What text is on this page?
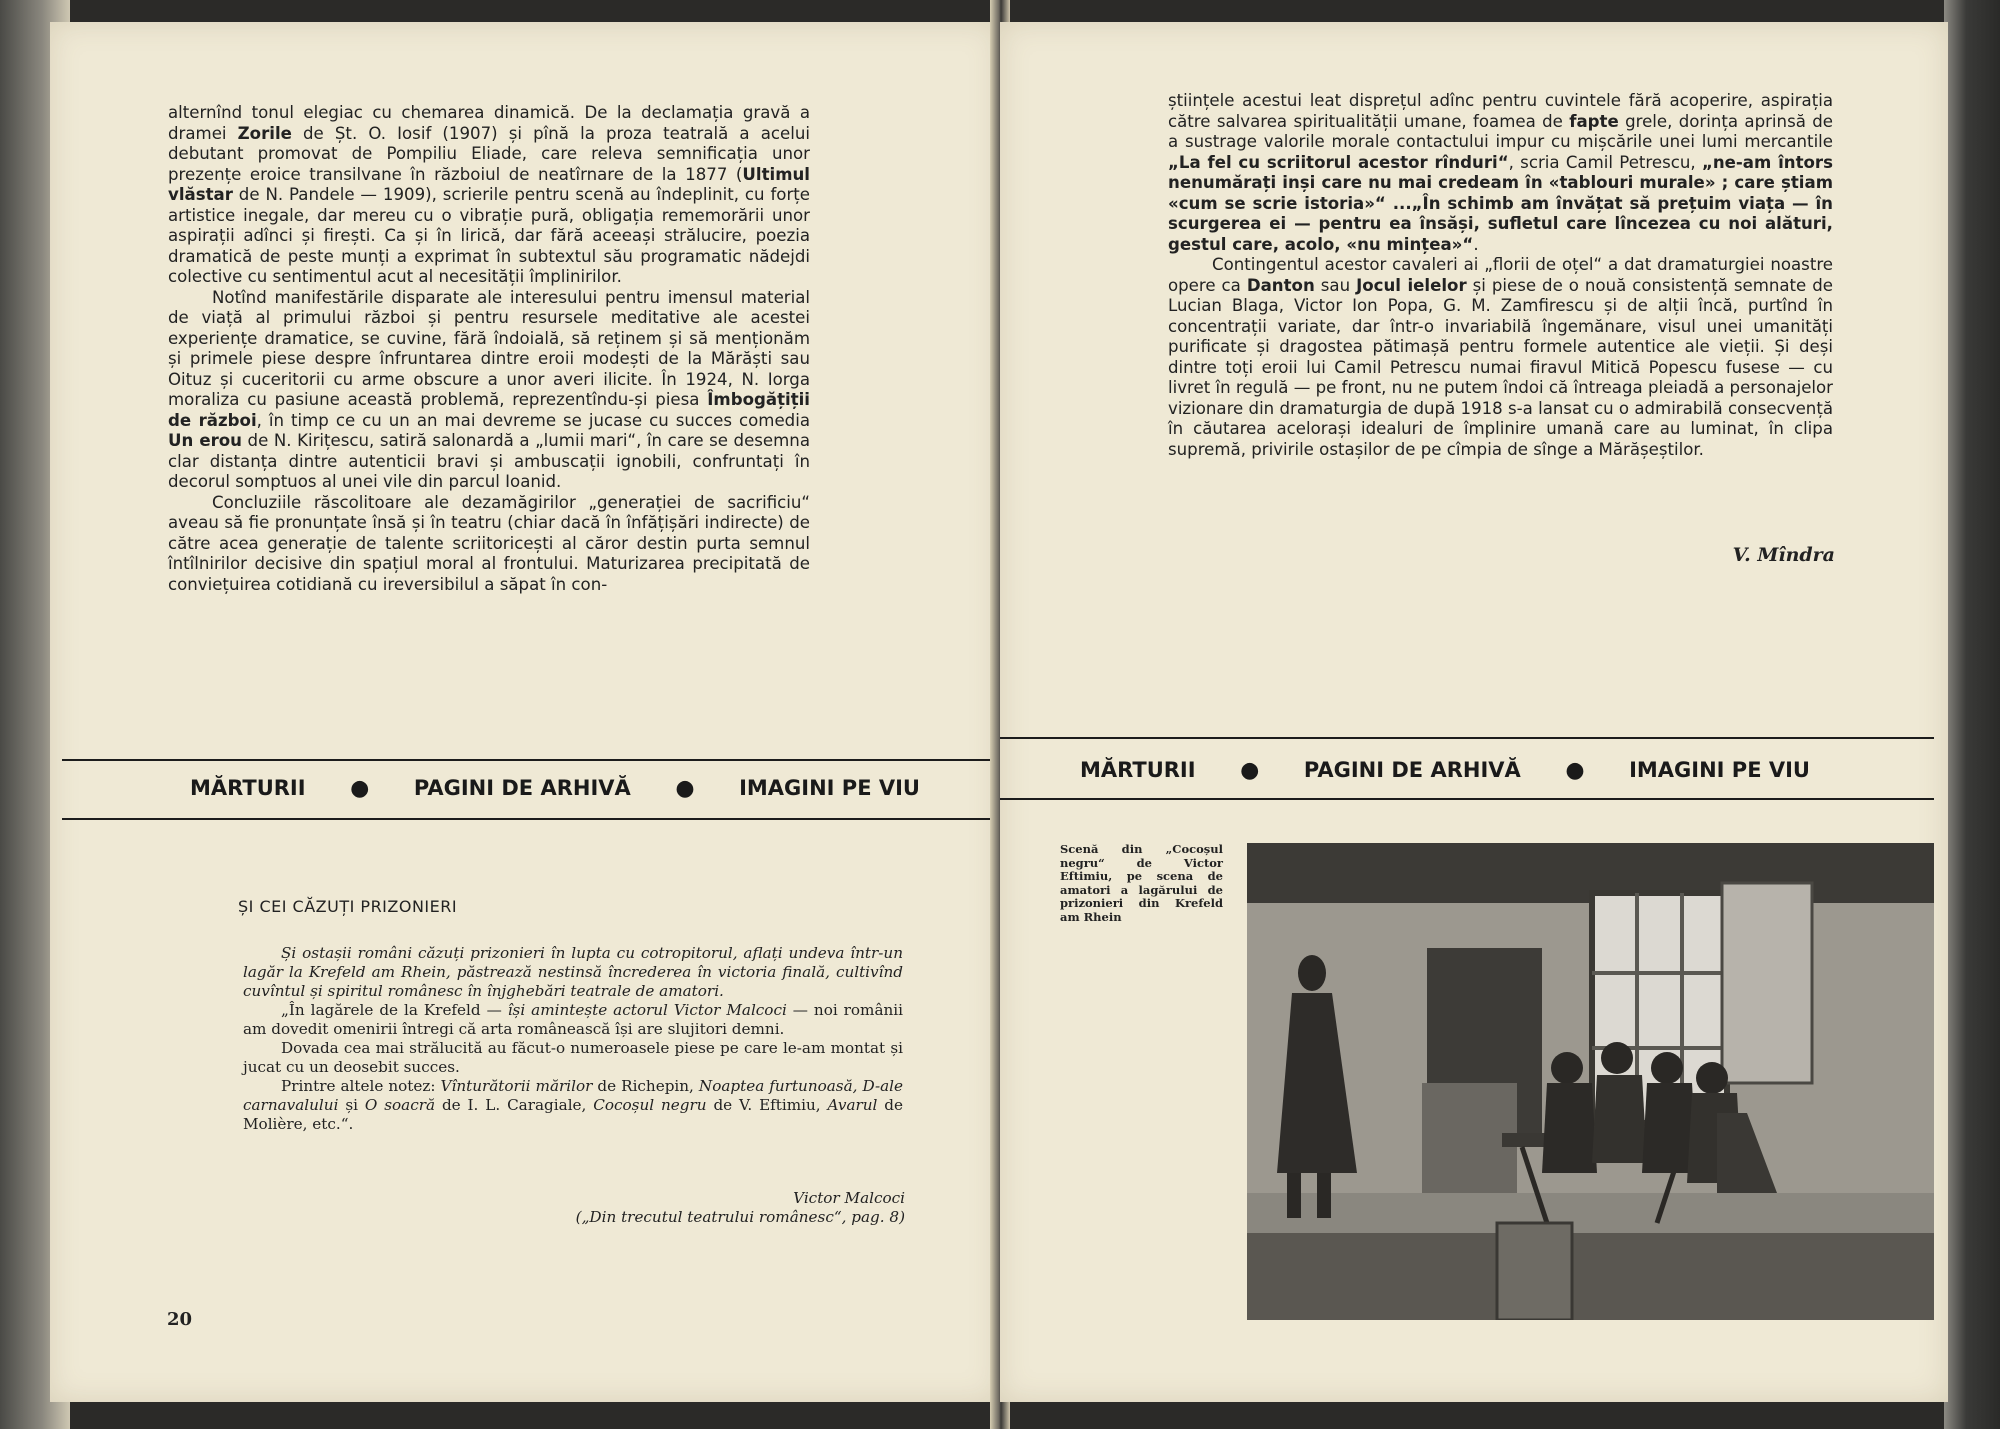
alternînd tonul elegiac cu chemarea dinamică. De la declamația gravă a dramei Zorile de Șt. O. Iosif (1907) și pînă la proza teatrală a acelui debutant promovat de Pompiliu Eliade, care releva semnificația unor prezențe eroice transilvane în războiul de neatîrnare de la 1877 (Ultimul vlăstar de N. Pandele — 1909), scrierile pentru scenă au îndeplinit, cu forțe artistice inegale, dar mereu cu o vibrație pură, obligația rememorării unor aspirații adînci și firești. Ca și în lirică, dar fără aceeași strălucire, poezia dramatică de peste munți a exprimat în subtextul său programatic nădejdi colective cu sentimentul acut al necesității împlinirilor.

Notînd manifestările disparate ale interesului pentru imensul material de viață al primului război și pentru resursele meditative ale acestei experiențe dramatice, se cuvine, fără îndoială, să reținem și să menționăm și primele piese despre înfruntarea dintre eroii modești de la Mărăști sau Oituz și cuceritorii cu arme obscure a unor averi ilicite. În 1924, N. Iorga moraliza cu pasiune această problemă, reprezentîndu-și piesa Îmbogățiții de război, în timp ce cu un an mai devreme se jucase cu succes comedia Un erou de N. Kirițescu, satiră salonardă a „lumii mari“, în care se desemna clar distanța dintre autenticii bravi și ambuscații ignobili, confruntați în decorul somptuos al unei vile din parcul Ioanid.

Concluziile răscolitoare ale dezamăgirilor „generației de sacrificiu“ aveau să fie pronunțate însă și în teatru (chiar dacă în înfățișări indirecte) de către acea generație de talente scriitoricești al căror destin purta semnul întîlnirilor decisive din spațiul moral al frontului. Maturizarea precipitată de conviețuirea cotidiană cu ireversibilul a săpat în con-

MĂRTURII ● PAGINI DE ARHIVĂ ● IMAGINI PE VIU
ȘI CEI CĂZUȚI PRIZONIERI

Și ostașii români căzuți prizonieri în lupta cu cotropitorul, aflați undeva într-un lagăr la Krefeld am Rhein, păstrează nestinsă încrederea în victoria finală, cultivînd cuvîntul și spiritul românesc în înjghebări teatrale de amatori.

„În lagărele de la Krefeld — își amintește actorul Victor Malcoci — noi românii am dovedit omenirii întregi că arta românească își are slujitori demni.

Dovada cea mai strălucită au făcut-o numeroasele piese pe care le-am montat și jucat cu un deosebit succes.

Printre altele notez: Vînturătorii mărilor de Richepin, Noaptea furtunoasă, D-ale carnavalului și O soacră de I. L. Caragiale, Cocoșul negru de V. Eftimiu, Avarul de Molière, etc.“.

Victor Malcoci
(„Din trecutul teatrului românesc“, pag. 8)
20

științele acestui leat disprețul adînc pentru cuvintele fără acoperire, aspirația către salvarea spiritualității umane, foamea de fapte grele, dorința aprinsă de a sustrage valorile morale contactului impur cu mișcările unei lumi mercantile „La fel cu scriitorul acestor rînduri“, scria Camil Petrescu, „ne-am întors nenumărați inși care nu mai credeam în «tablouri murale» ; care știam «cum se scrie istoria»“ ...„În schimb am învățat să prețuim viața — în scurgerea ei — pentru ea însăși, sufletul care lîncezea cu noi alături, gestul care, acolo, «nu mințea»“.

Contingentul acestor cavaleri ai „florii de oțel“ a dat dramaturgiei noastre opere ca Danton sau Jocul ielelor și piese de o nouă consistență semnate de Lucian Blaga, Victor Ion Popa, G. M. Zamfirescu și de alții încă, purtînd în concentrații variate, dar într-o invariabilă îngemănare, visul unei umanități purificate și dragostea pătimașă pentru formele autentice ale vieții. Și deși dintre toți eroii lui Camil Petrescu numai firavul Mitică Popescu fusese — cu livret în regulă — pe front, nu ne putem îndoi că întreaga pleiadă a personajelor vizionare din dramaturgia de după 1918 s-a lansat cu o admirabilă consecvență în căutarea acelorași idealuri de împlinire umană care au luminat, în clipa supremă, privirile ostașilor de pe cîmpia de sînge a Mărășeștilor.

V. Mîndra
MĂRTURII ● PAGINI DE ARHIVĂ ● IMAGINI PE VIU
Scenă din „Cocoșul negru“ de Victor Eftimiu, pe scena de amatori a lagărului de prizonieri din Krefeld am Rhein
